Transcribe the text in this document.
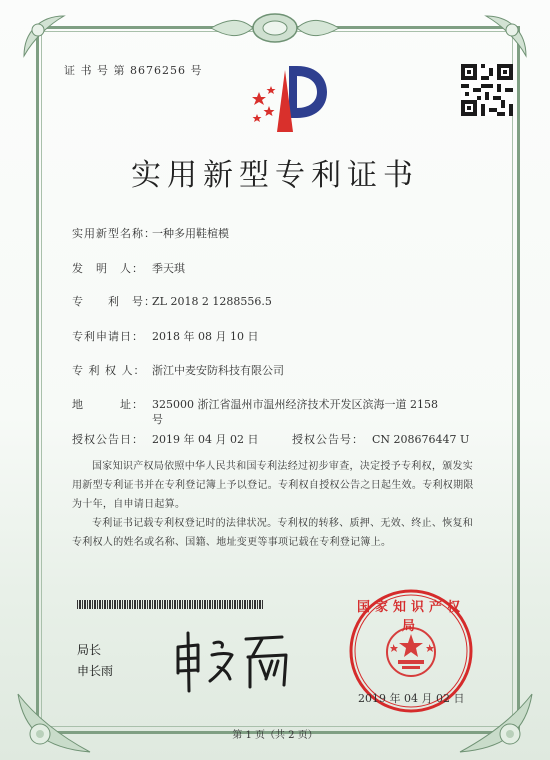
证 书 号 第 8676256 号
实用新型专利证书
实用新型名称：一种多用鞋楦模
发　明　人： 季天琪
专　　利　号：ZL 2018 2 1288556.5
专利申请日： 2018 年 08 月 10 日
专 利 权 人： 浙江中麦安防科技有限公司
地　　　址： 325000 浙江省温州市温州经济技术开发区滨海一道 2158
号
授权公告日： 2019 年 04 月 02 日	授权公告号： CN 208676447 U
国家知识产权局依照中华人民共和国专利法经过初步审查，决定授予专利权，颁发实用新型专利证书并在专利登记簿上予以登记。专利权自授权公告之日起生效。专利权期限为十年，自申请日起算。
专利证书记载专利权登记时的法律状况。专利权的转移、质押、无效、终止、恢复和专利权人的姓名或名称、国籍、地址变更等事项记载在专利登记簿上。
局长
申长雨
国家知识产权局
2019 年 04 月 02 日
第 1 页（共 2 页）
